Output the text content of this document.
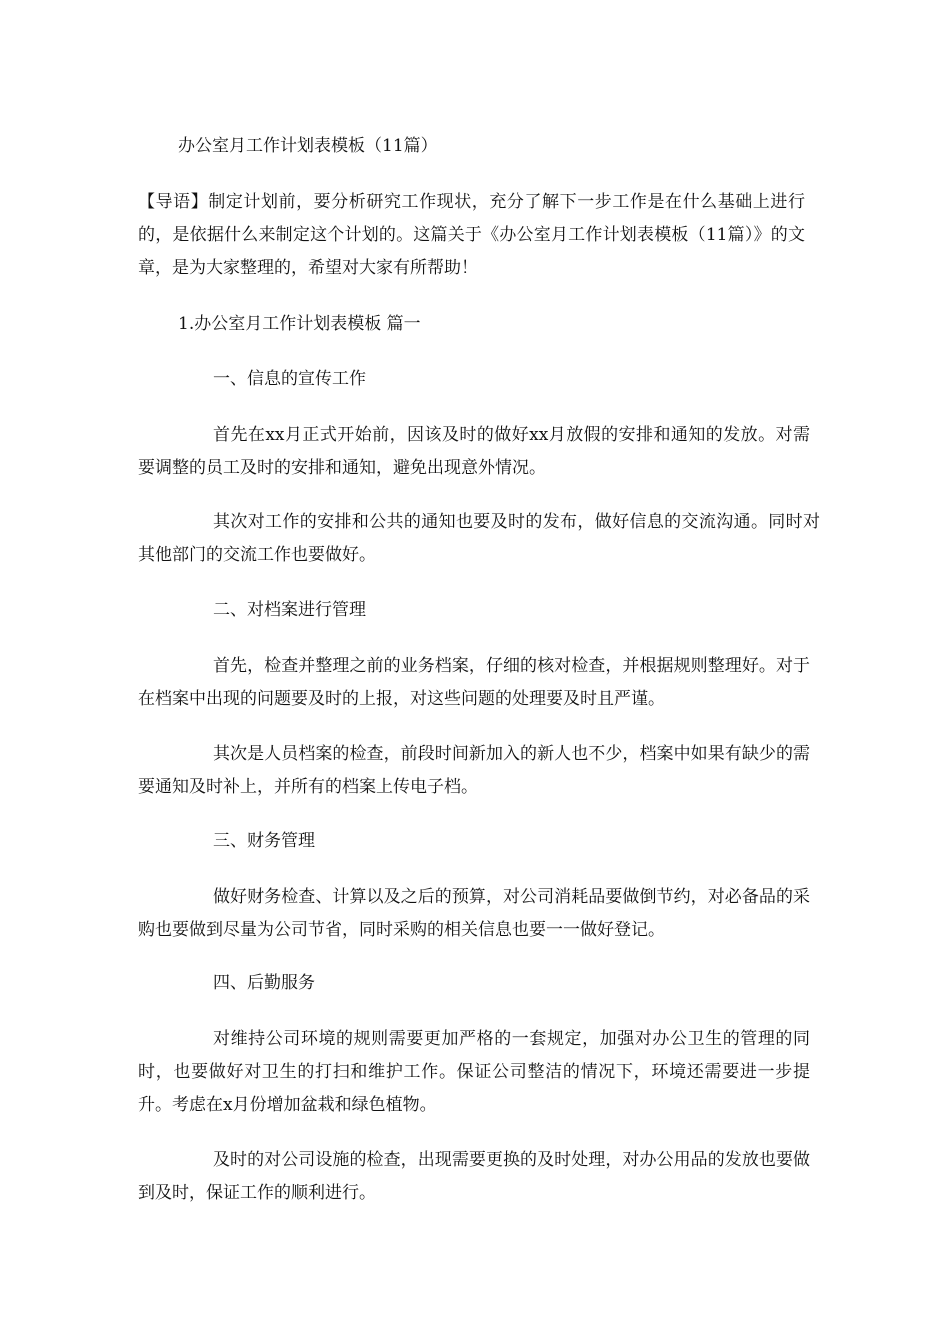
办公室月工作计划表模板（11篇）
【导语】制定计划前，要分析研究工作现状，充分了解下一步工作是在什么基础上进行的，是依据什么来制定这个计划的。这篇关于《办公室月工作计划表模板（11篇）》的文章，是为大家整理的，希望对大家有所帮助！
1.办公室月工作计划表模板 篇一
一、信息的宣传工作
首先在xx月正式开始前，因该及时的做好xx月放假的安排和通知的发放。对需要调整的员工及时的安排和通知，避免出现意外情况。
其次对工作的安排和公共的通知也要及时的发布，做好信息的交流沟通。同时对其他部门的交流工作也要做好。
二、对档案进行管理
首先，检查并整理之前的业务档案，仔细的核对检查，并根据规则整理好。对于在档案中出现的问题要及时的上报，对这些问题的处理要及时且严谨。
其次是人员档案的检查，前段时间新加入的新人也不少，档案中如果有缺少的需要通知及时补上，并所有的档案上传电子档。
三、财务管理
做好财务检查、计算以及之后的预算，对公司消耗品要做倒节约，对必备品的采购也要做到尽量为公司节省，同时采购的相关信息也要一一做好登记。
四、后勤服务
对维持公司环境的规则需要更加严格的一套规定，加强对办公卫生的管理的同时，也要做好对卫生的打扫和维护工作。保证公司整洁的情况下，环境还需要进一步提升。考虑在x月份增加盆栽和绿色植物。
及时的对公司设施的检查，出现需要更换的及时处理，对办公用品的发放也要做到及时，保证工作的顺利进行。
